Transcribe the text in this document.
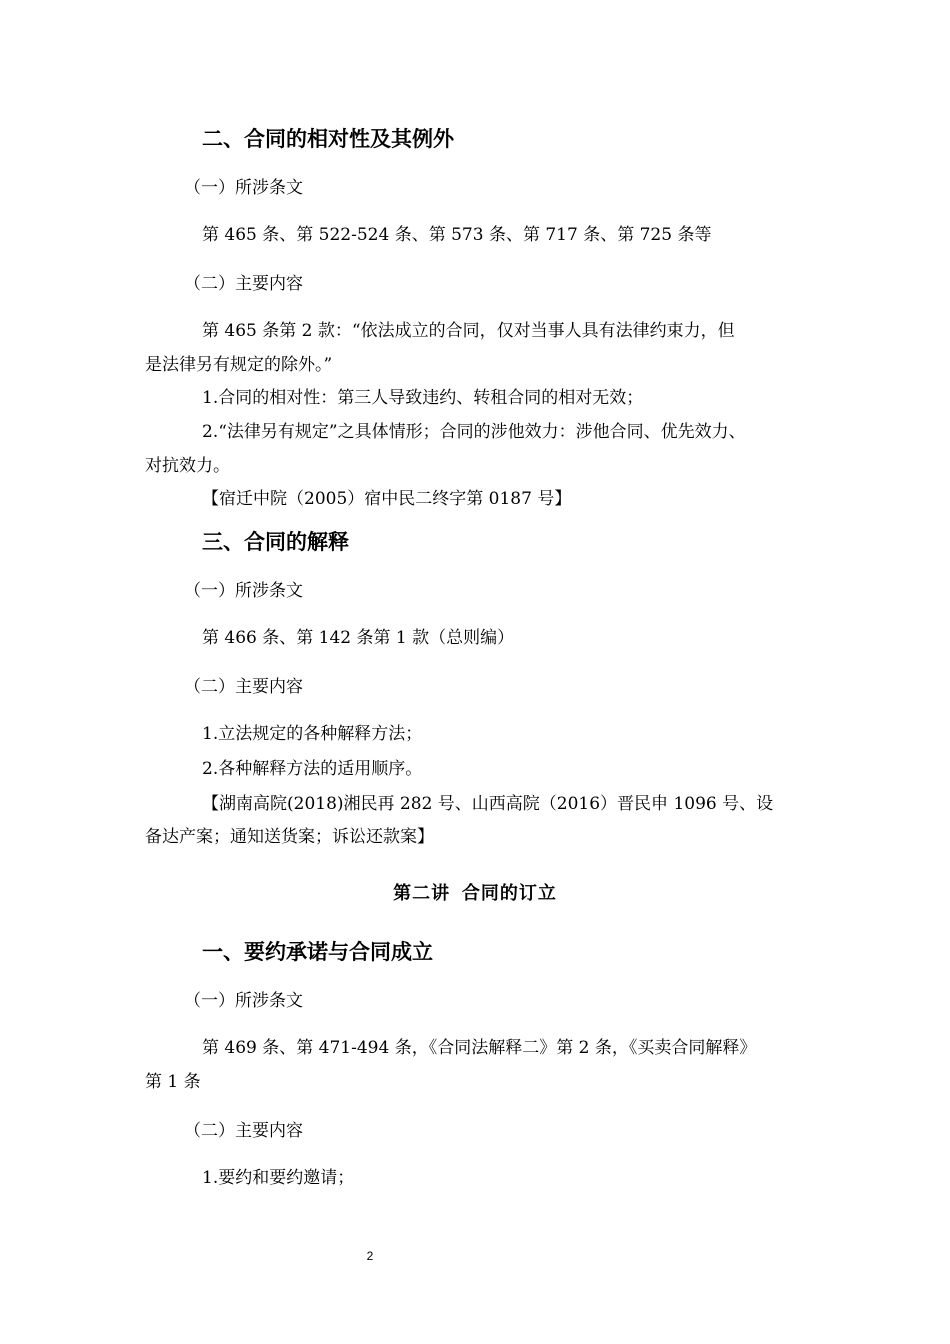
二、合同的相对性及其例外
（一）所涉条文
第 465 条、第 522-524 条、第 573 条、第 717 条、第 725 条等
（二）主要内容
第 465 条第 2 款：“依法成立的合同，仅对当事人具有法律约束力，但
是法律另有规定的除外。”
1.合同的相对性：第三人导致违约、转租合同的相对无效；
2.“法律另有规定”之具体情形；合同的涉他效力：涉他合同、优先效力、
对抗效力。
【宿迁中院（2005）宿中民二终字第 0187 号】
三、合同的解释
（一）所涉条文
第 466 条、第 142 条第 1 款（总则编）
（二）主要内容
1.立法规定的各种解释方法；
2.各种解释方法的适用顺序。
【湖南高院(2018)湘民再 282 号、山西高院（2016）晋民申 1096 号、设
备达产案；通知送货案；诉讼还款案】
第二讲 合同的订立
一、要约承诺与合同成立
（一）所涉条文
第 469 条、第 471-494 条，《合同法解释二》第 2 条，《买卖合同解释》
第 1 条
（二）主要内容
1.要约和要约邀请；
2
